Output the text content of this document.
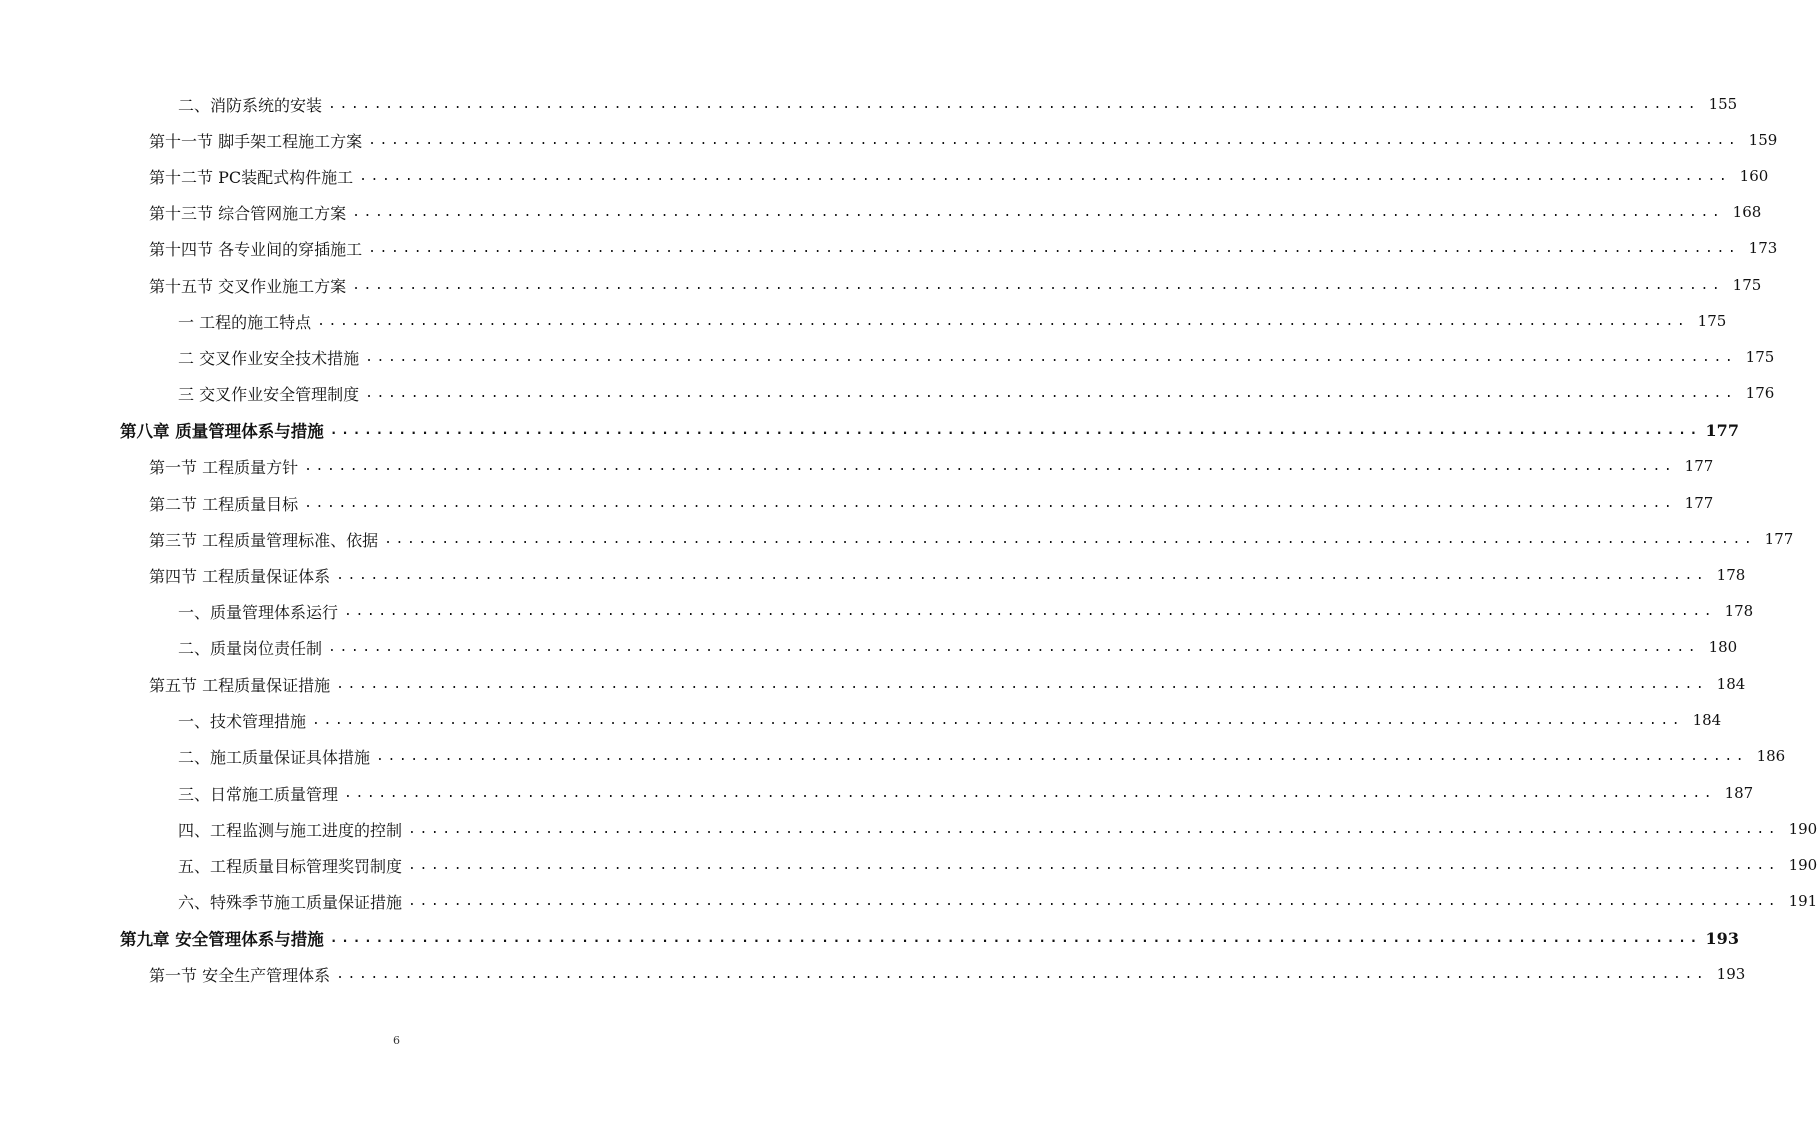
二、消防系统的安装 ........................................................................................................................ 155
第十一节 脚手架工程施工方案 ........................................................................................................................ 159
第十二节 PC装配式构件施工 ........................................................................................................................ 160
第十三节 综合管网施工方案 ........................................................................................................................ 168
第十四节 各专业间的穿插施工 ........................................................................................................................ 173
第十五节 交叉作业施工方案 ........................................................................................................................ 175
一 工程的施工特点 ........................................................................................................................ 175
二 交叉作业安全技术措施 ........................................................................................................................ 175
三 交叉作业安全管理制度 ........................................................................................................................ 176
第八章 质量管理体系与措施 ........................................................................................................................ 177
第一节 工程质量方针 ........................................................................................................................ 177
第二节 工程质量目标 ........................................................................................................................ 177
第三节 工程质量管理标准、依据 ........................................................................................................................ 177
第四节 工程质量保证体系 ........................................................................................................................ 178
一、质量管理体系运行 ........................................................................................................................ 178
二、质量岗位责任制 ........................................................................................................................ 180
第五节 工程质量保证措施 ........................................................................................................................ 184
一、技术管理措施 ........................................................................................................................ 184
二、施工质量保证具体措施 ........................................................................................................................ 186
三、日常施工质量管理 ........................................................................................................................ 187
四、工程监测与施工进度的控制 ........................................................................................................................ 190
五、工程质量目标管理奖罚制度 ........................................................................................................................ 190
六、特殊季节施工质量保证措施 ........................................................................................................................ 191
第九章 安全管理体系与措施 ........................................................................................................................ 193
第一节 安全生产管理体系 ........................................................................................................................ 193
6
